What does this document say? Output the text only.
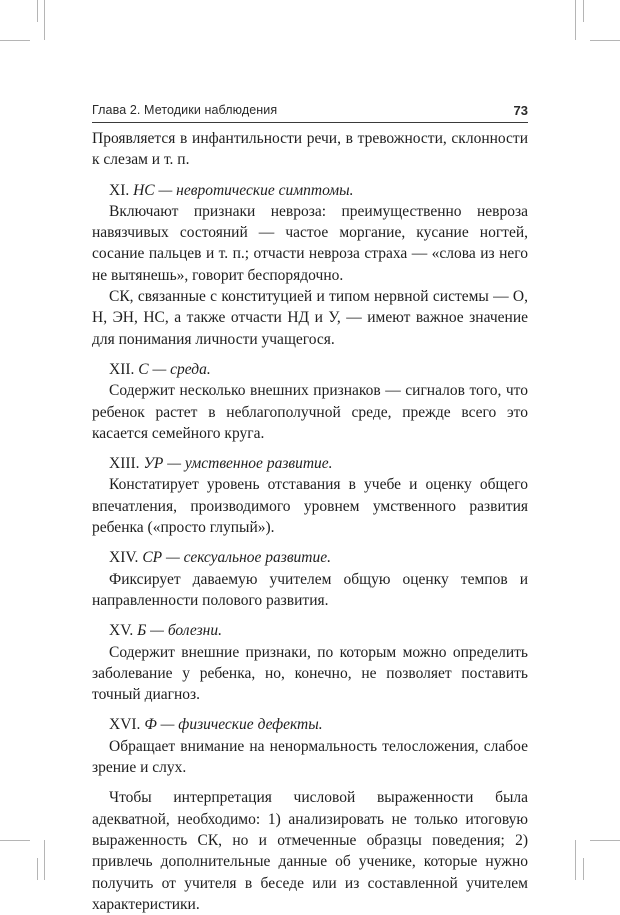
Глава 2. Методики наблюдения	73

Проявляется в инфантильности речи, в тревожности, склонности к слезам и т. п.

XI. НС — невротические симптомы.

Включают признаки невроза: преимущественно невроза навязчивых состояний — частое моргание, кусание ногтей, сосание пальцев и т. п.; отчасти невроза страха — «слова из него не вытянешь», говорит беспорядочно.

СК, связанные с конституцией и типом нервной системы — О, Н, ЭН, НС, а также отчасти НД и У, — имеют важное значение для понимания личности учащегося.

XII. С — среда.

Содержит несколько внешних признаков — сигналов того, что ребенок растет в неблагополучной среде, прежде всего это касается семейного круга.

XIII. УР — умственное развитие.

Констатирует уровень отставания в учебе и оценку общего впечатления, производимого уровнем умственного развития ребенка («просто глупый»).

XIV. СР — сексуальное развитие.

Фиксирует даваемую учителем общую оценку темпов и направленности полового развития.

XV. Б — болезни.

Содержит внешние признаки, по которым можно определить заболевание у ребенка, но, конечно, не позволяет поставить точный диагноз.

XVI. Ф — физические дефекты.

Обращает внимание на ненормальность телосложения, слабое зрение и слух.

Чтобы интерпретация числовой выраженности была адекватной, необходимо: 1) анализировать не только итоговую выраженность СК, но и отмеченные образцы поведения; 2) привлечь дополнительные данные об ученике, которые нужно получить от учителя в беседе или из составленной учителем характеристики.
